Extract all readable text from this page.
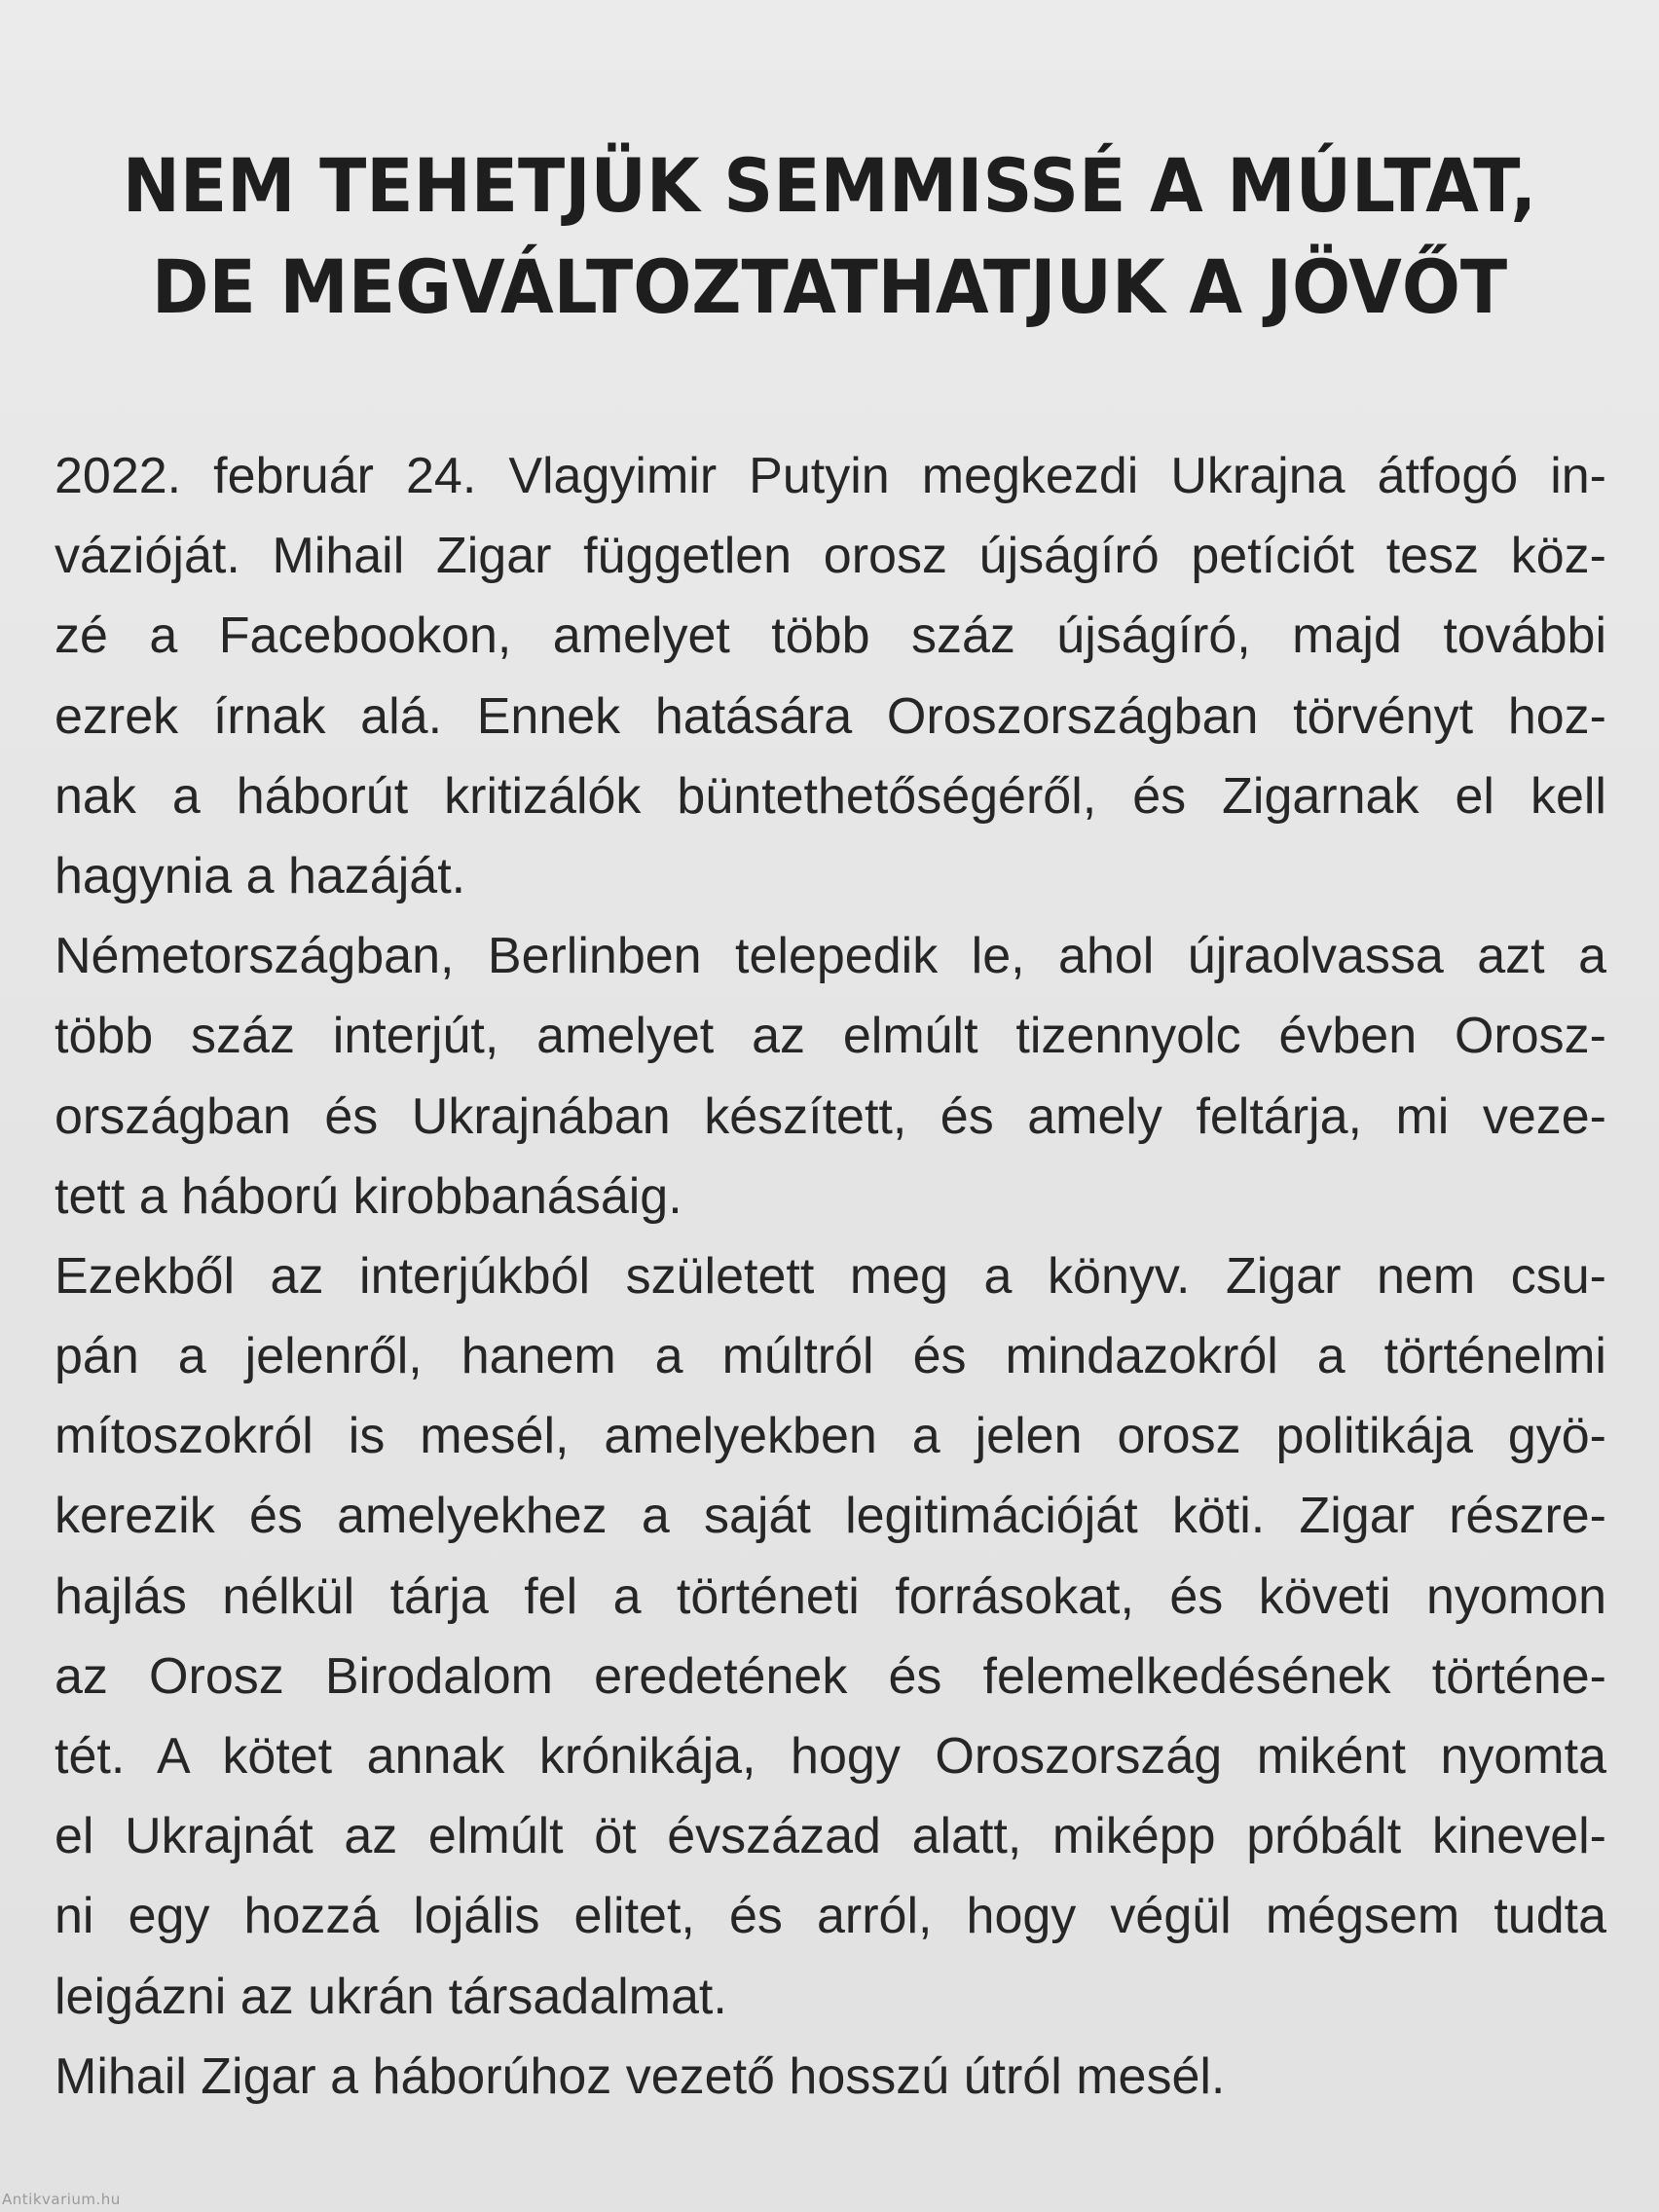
NEM TEHETJÜK SEMMISSÉ A MÚLTAT,
DE MEGVÁLTOZTATHATJUK A JÖVŐT
2022. február 24. Vlagyimir Putyin megkezdi Ukrajna átfogó in-
vázióját. Mihail Zigar független orosz újságíró petíciót tesz köz-
zé a Facebookon, amelyet több száz újságíró, majd további
ezrek írnak alá. Ennek hatására Oroszországban törvényt hoz-
nak a háborút kritizálók büntethetőségéről, és Zigarnak el kell
hagynia a hazáját.
Németországban, Berlinben telepedik le, ahol újraolvassa azt a
több száz interjút, amelyet az elmúlt tizennyolc évben Orosz-
országban és Ukrajnában készített, és amely feltárja, mi veze-
tett a háború kirobbanásáig.
Ezekből az interjúkból született meg a könyv. Zigar nem csu-
pán a jelenről, hanem a múltról és mindazokról a történelmi
mítoszokról is mesél, amelyekben a jelen orosz politikája gyö-
kerezik és amelyekhez a saját legitimációját köti. Zigar részre-
hajlás nélkül tárja fel a történeti forrásokat, és követi nyomon
az Orosz Birodalom eredetének és felemelkedésének történe-
tét. A kötet annak krónikája, hogy Oroszország miként nyomta
el Ukrajnát az elmúlt öt évszázad alatt, miképp próbált kinevel-
ni egy hozzá lojális elitet, és arról, hogy végül mégsem tudta
leigázni az ukrán társadalmat.
Mihail Zigar a háborúhoz vezető hosszú útról mesél.
Antikvarium.hu
